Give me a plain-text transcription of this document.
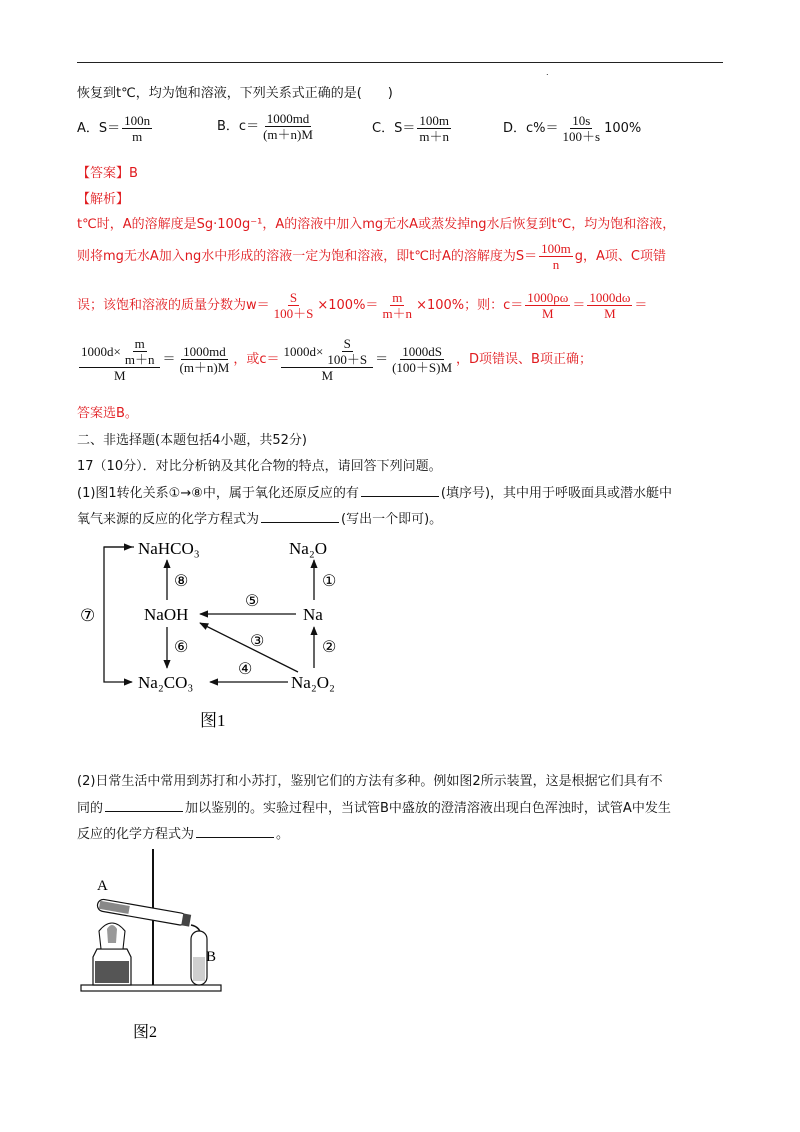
.
恢复到t℃，均为饱和溶液，下列关系式正确的是(　　)
A．$S= \frac{100n}{m}$	B．$c= \frac{1000md}{(m+n)M}$	C．$S= \frac{100m}{m+n}$	D．$c\%= \frac{10s}{100+s} 100\%$
【答案】B
【解析】
t℃时，A的溶解度是Sg·100g⁻¹，A的溶液中加入mg无水A或蒸发掉ng水后恢复到t℃，均为饱和溶液，
则将mg无水A加入ng水中形成的溶液一定为饱和溶液，即t℃时A的溶解度为$S= \frac{100m}{n}$ g，A项、C项错
误；该饱和溶液的质量分数为$w= \frac{S}{100+S} \times 100\%= \frac{m}{m+n} \times 100\%$；则：$c= \frac{1000\rho\omega}{M} = \frac{1000d\omega}{M}$ ＝
$\frac{1000d\times \frac{m}{m+n}}{M} = \frac{1000md}{(m+n)M}$ ，或$c= \frac{1000d\times \frac{S}{100+S}}{M} = \frac{1000dS}{(100+S)M}$ ，D项错误、B项正确；
答案选B。
二、非选择题(本题包括4小题，共52分)
17（10分）．对比分析钠及其化合物的特点，请回答下列问题。
(1)图1转化关系①→⑧中，属于氧化还原反应的有	(填序号)，其中用于呼吸面具或潜水艇中
氧气来源的反应的化学方程式为	(写出一个即可)。
NaHCO₃	Na₂O
NaOH	Na
Na₂CO₃	Na₂O₂
⑦
⑧
⑥
①
②
⑤
③
④
图1
(2)日常生活中常用到苏打和小苏打，鉴别它们的方法有多种。例如图2所示装置，这是根据它们具有不
同的	加以鉴别的。实验过程中，当试管B中盛放的澄清溶液出现白色浑浊时，试管A中发生
反应的化学方程式为	。
A
B
图2
